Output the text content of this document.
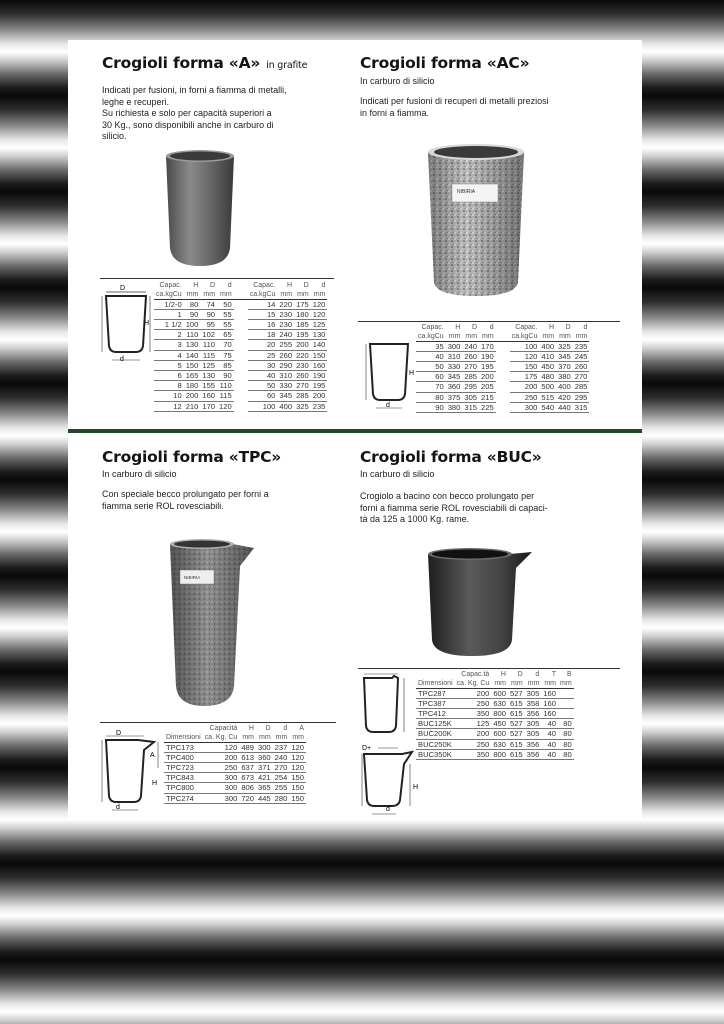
Crogioli forma «A» in grafite
Indicati per fusioni, in forni a fiamma di metalli,
leghe e recuperi.
Su richiesta e solo per capacità superiori a
30 Kg., sono disponibili anche in carburo di
silicio.
D
d
H
Capac.	H	D	d		Capac.	H	D	d
ca.kgCu	mm	mm	mm		ca.kgCu	mm	mm	mm
1/2-0	80	74	50		14	220	175	120
1	90	90	55		15	230	180	120
1 1/2	100	95	55		16	230	185	125
2	110	102	65		18	240	195	130
3	130	110	70		20	255	200	140
4	140	115	75		25	260	220	150
5	150	125	85		30	290	230	160
6	165	130	90		40	310	260	190
8	180	155	110		50	330	270	195
10	200	160	115		60	345	285	200
12	210	170	120		100	400	325	235
Crogioli forma «AC»
In carburo di silicio
Indicati per fusioni di recuperi di metalli preziosi
in forni a fiamma.
NIBIRIA
d
H
Capac.	H	D	d		Capac.	H	D	d
ca.kgCu	mm	mm	mm		ca.kgCu	mm	mm	mm
35	300	240	170		100	400	325	235
40	310	260	190		120	410	345	245
50	330	270	195		150	450	370	260
60	345	285	200		175	480	380	270
70	360	295	205		200	500	400	285
80	375	305	215		250	515	420	295
90	380	315	225		300	540	440	315
Crogioli forma «TPC»
In carburo di silicio
Con speciale becco prolungato per forni a
fiamma serie ROL rovesciabili.
NIBIRIA
D
d
A
H
	Capacità	H	D	d	A
Dimensioni	ca. Kg. Cu	mm	mm	mm	mm
TPC173	120	489	300	237	120
TPC400	200	613	360	240	120
TPC723	250	637	371	270	120
TPC843	300	673	421	254	150
TPC800	300	806	365	255	150
TPC274	300	720	445	280	150
Crogioli forma «BUC»
In carburo di silicio
Crogiolo a bacino con becco prolungato per
forni a fiamma serie ROL rovesciabili di capaci-
tà da 125 a 1000 Kg. rame.
D+
d
H
	Capac.tà	H	D	d	T	B
Dimensioni	ca. Kg. Cu	mm	mm	mm	mm	mm
TPC287	200	600	527	305	160	
TPC387	250	630	615	358	160	
TPC412	350	800	615	356	160	
BUC125K	125	450	527	305	40	80
BUC200K	200	600	527	305	40	80
BUC250K	250	630	615	356	40	80
BUC350K	350	800	615	356	40	80
